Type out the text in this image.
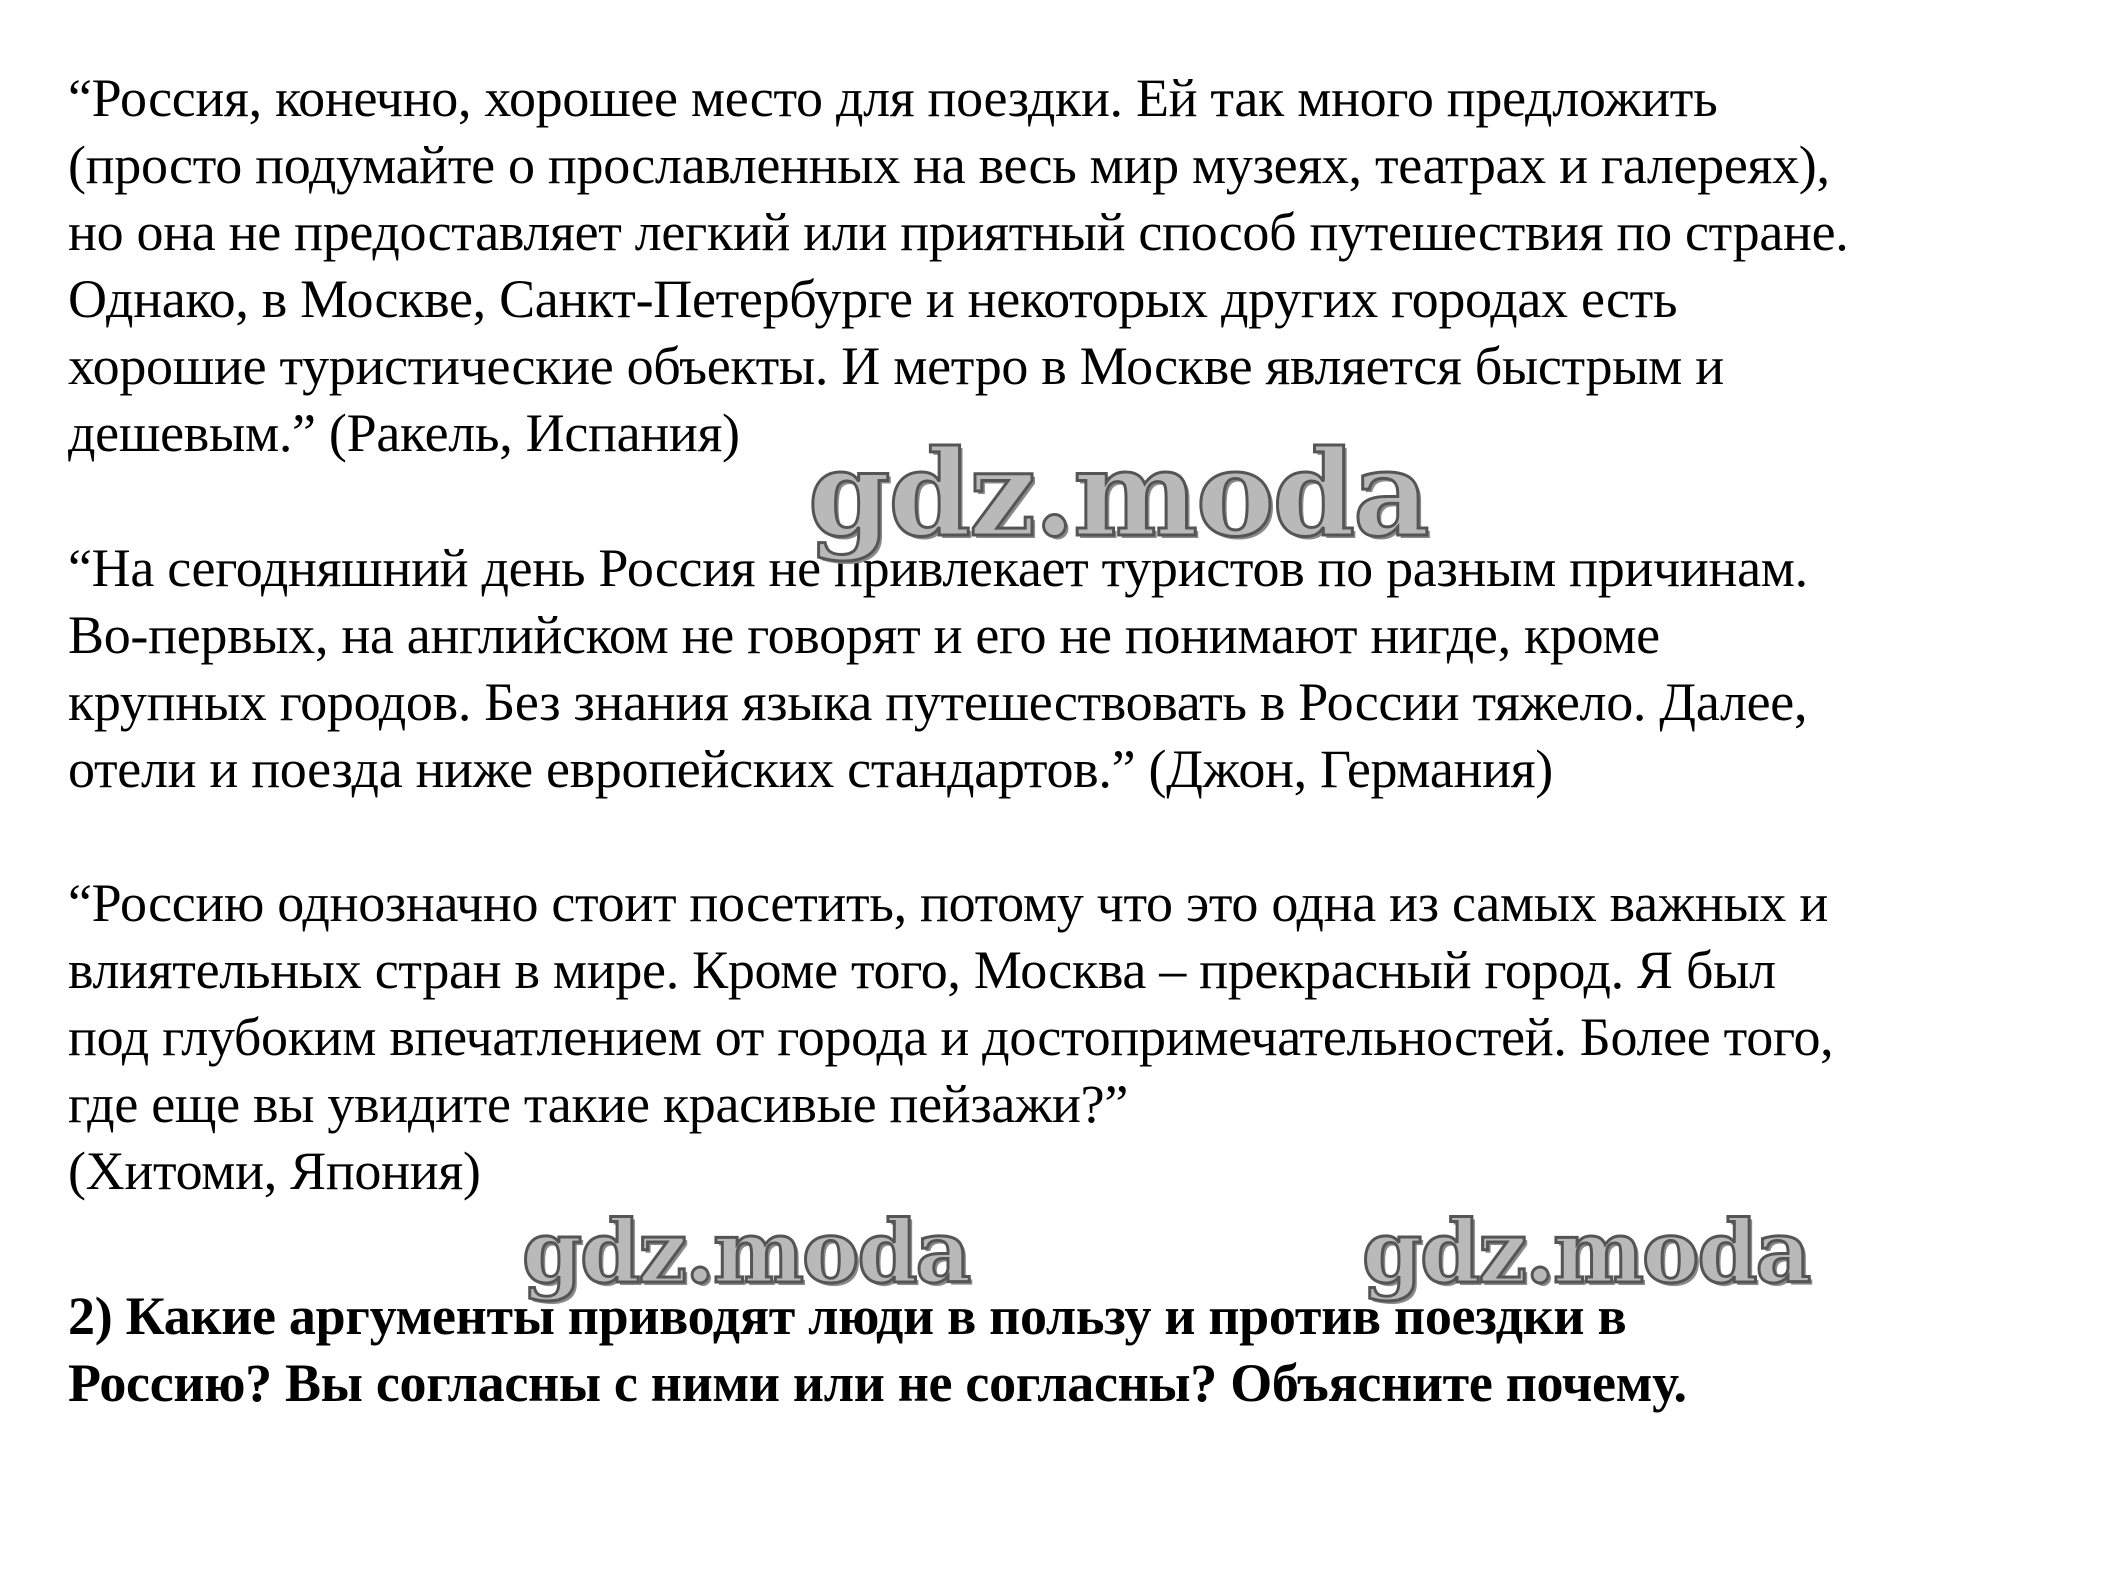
“Россия, конечно, хорошее место для поездки. Ей так много предложить
(просто подумайте о прославленных на весь мир музеях, театрах и галереях),
но она не предоставляет легкий или приятный способ путешествия по стране.
Однако, в Москве, Санкт-Петербурге и некоторых других городах есть
хорошие туристические объекты. И метро в Москве является быстрым и
дешевым.” (Ракель, Испания)
“На сегодняшний день Россия не привлекает туристов по разным причинам.
Во-первых, на английском не говорят и его не понимают нигде, кроме
крупных городов. Без знания языка путешествовать в России тяжело. Далее,
отели и поезда ниже европейских стандартов.” (Джон, Германия)
“Россию однозначно стоит посетить, потому что это одна из самых важных и
влиятельных стран в мире. Кроме того, Москва – прекрасный город. Я был
под глубоким впечатлением от города и достопримечательностей. Более того,
где еще вы увидите такие красивые пейзажи?”
(Хитоми, Япония)
2) Какие аргументы приводят люди в пользу и против поездки в
Россию? Вы согласны с ними или не согласны? Объясните почему.
gdz.moda
gdz.moda	gdz.moda
